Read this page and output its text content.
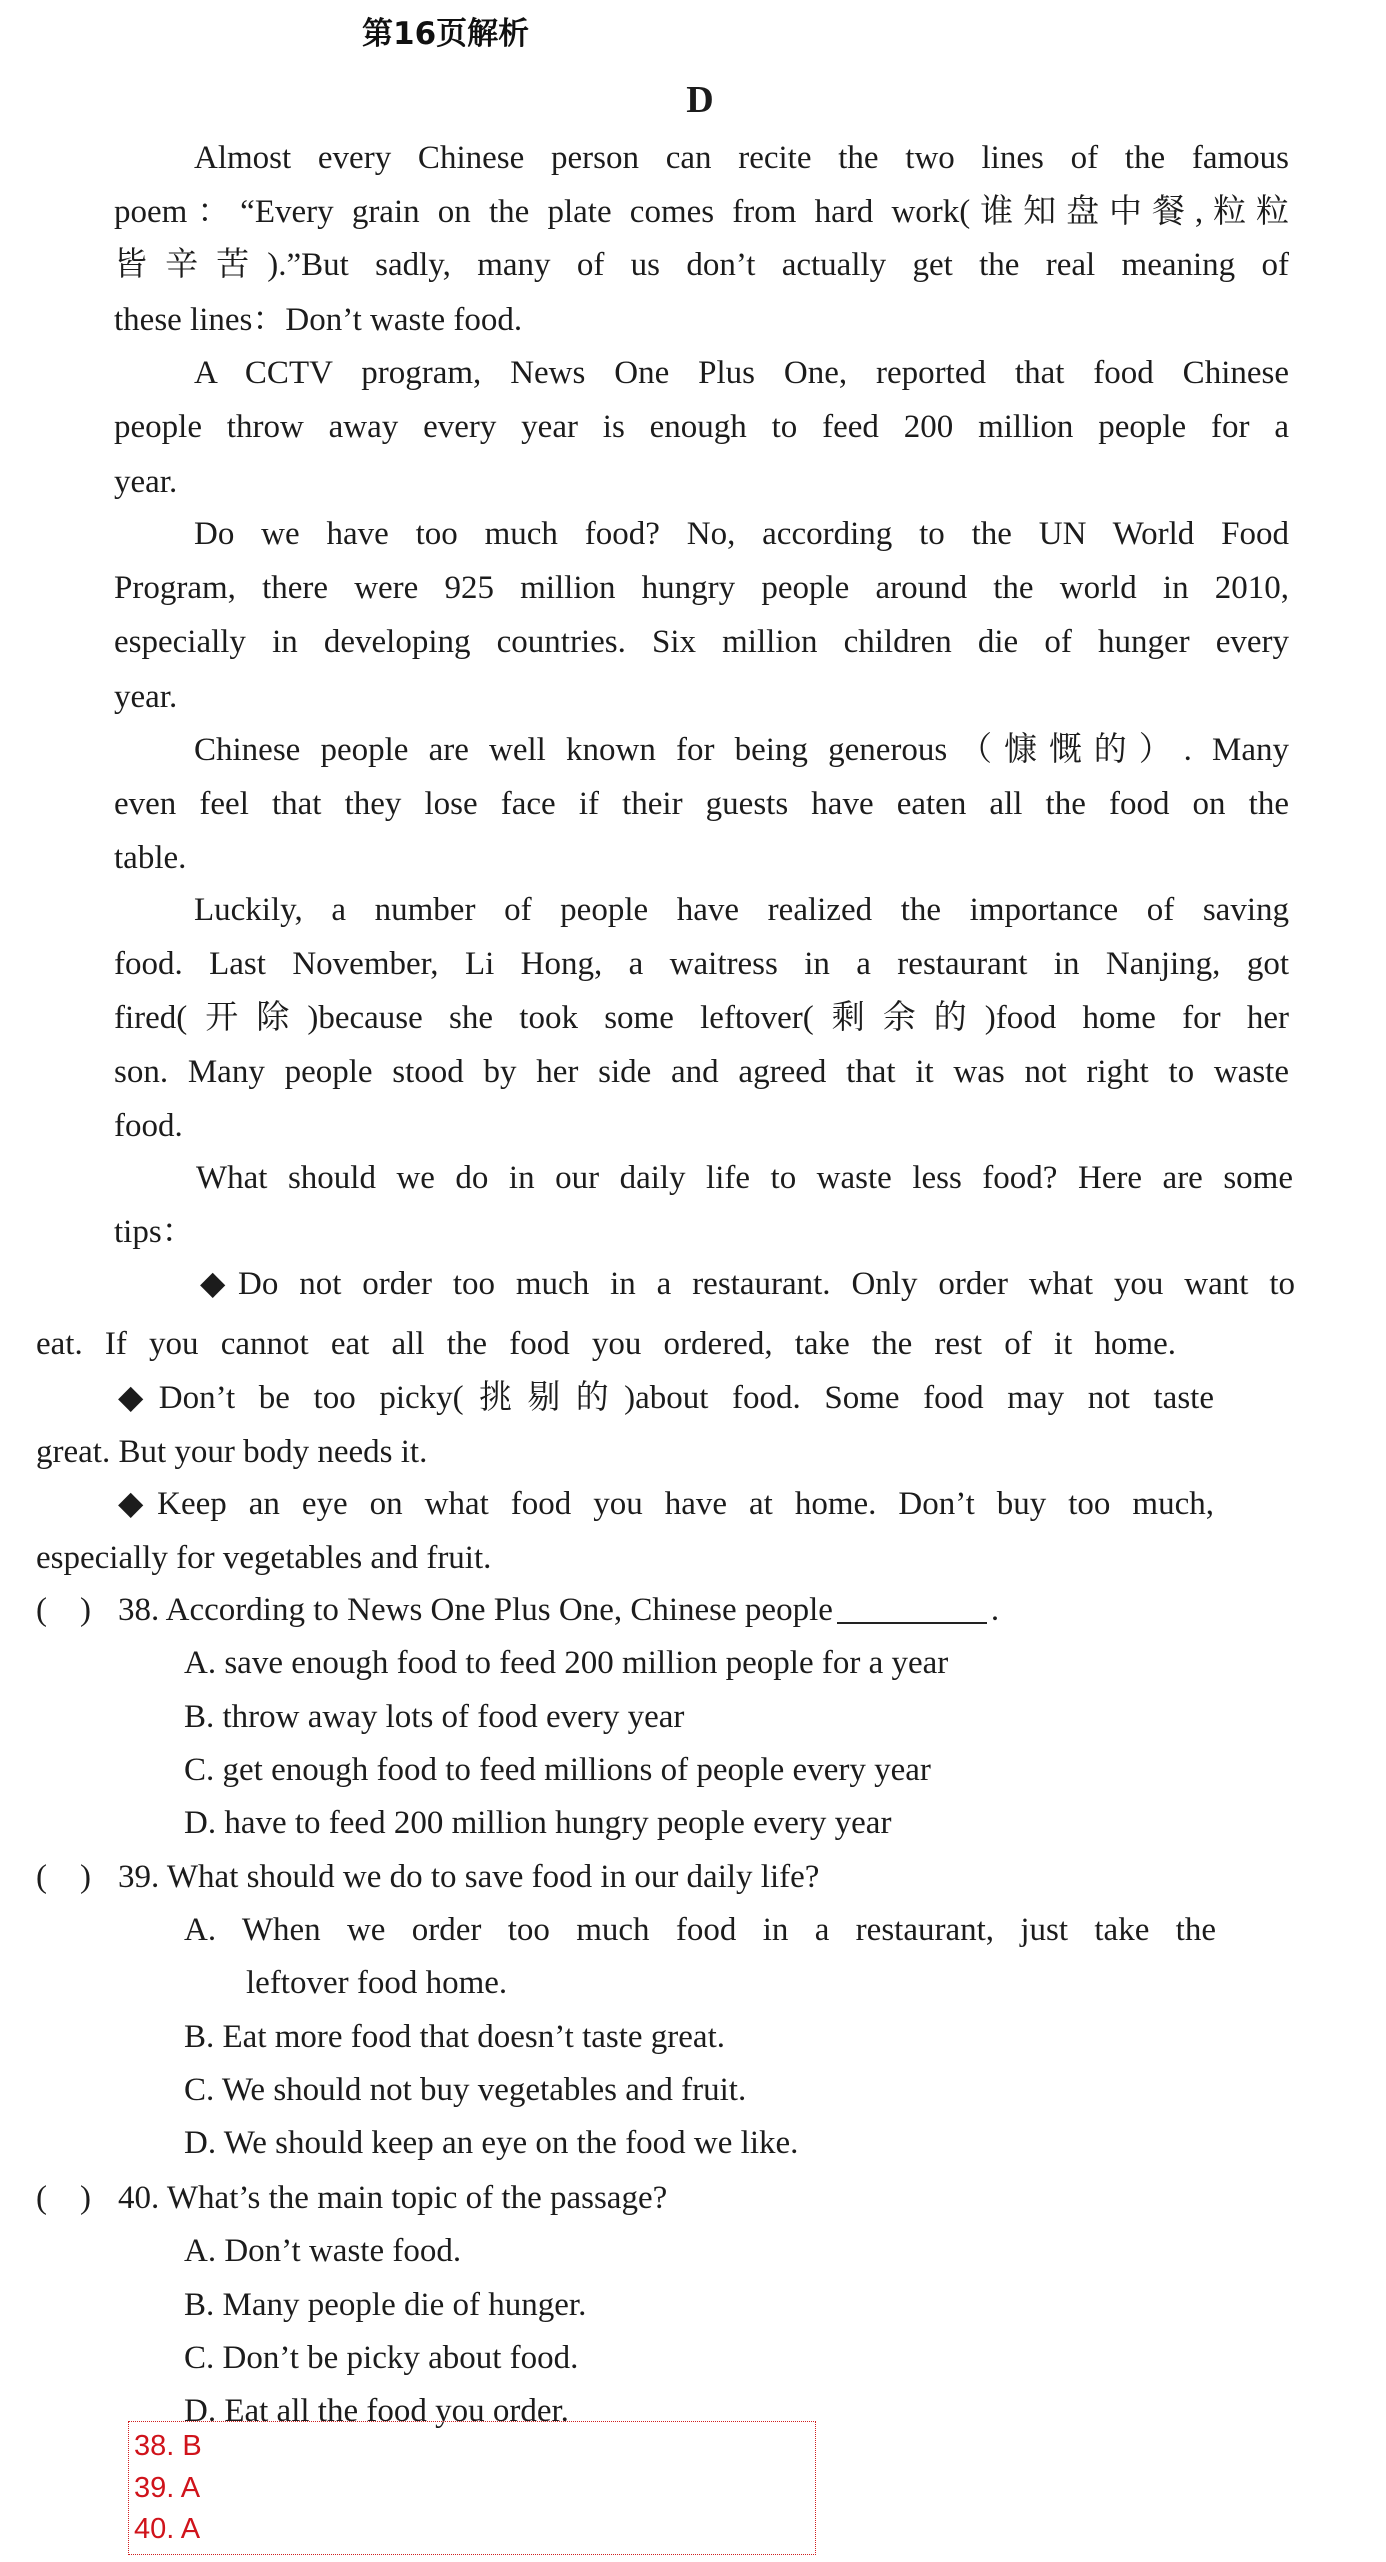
第16页解析
D
Almost every Chinese person can recite the two lines of the famous
poem：“Every grain on the plate comes from hard work(谁知盘中餐,粒粒
皆辛苦).”But sadly, many of us don’t actually get the real meaning of
these lines：Don’t waste food.
A CCTV program, News One Plus One, reported that food Chinese
people throw away every year is enough to feed 200 million people for a
year.
Do we have too much food? No, according to the UN World Food
Program, there were 925 million hungry people around the world in 2010,
especially in developing countries. Six million children die of hunger every
year.
Chinese people are well known for being generous（慷慨的）. Many
even feel that they lose face if their guests have eaten all the food on the
table.
Luckily, a number of people have realized the importance of saving
food. Last November, Li Hong, a waitress in a restaurant in Nanjing, got
fired(开除)because she took some leftover(剩余的)food home for her
son. Many people stood by her side and agreed that it was not right to waste
food.
What should we do in our daily life to waste less food? Here are some
tips：
◆Do not order too much in a restaurant. Only order what you want to
eat. If you cannot eat all the food you ordered, take the rest of it home.
◆Don’t be too picky(挑剔的)about food. Some food may not taste
great. But your body needs it.
◆Keep an eye on what food you have at home. Don’t buy too much,
especially for vegetables and fruit.
(　) 38. According to News One Plus One, Chinese people	.
A. save enough food to feed 200 million people for a year
B. throw away lots of food every year
C. get enough food to feed millions of people every year
D. have to feed 200 million hungry people every year
(　) 39. What should we do to save food in our daily life?
A. When we order too much food in a restaurant, just take the
leftover food home.
B. Eat more food that doesn’t taste great.
C. We should not buy vegetables and fruit.
D. We should keep an eye on the food we like.
(　) 40. What’s the main topic of the passage?
A. Don’t waste food.
B. Many people die of hunger.
C. Don’t be picky about food.
D. Eat all the food you order.
38. B
39. A
40. A
